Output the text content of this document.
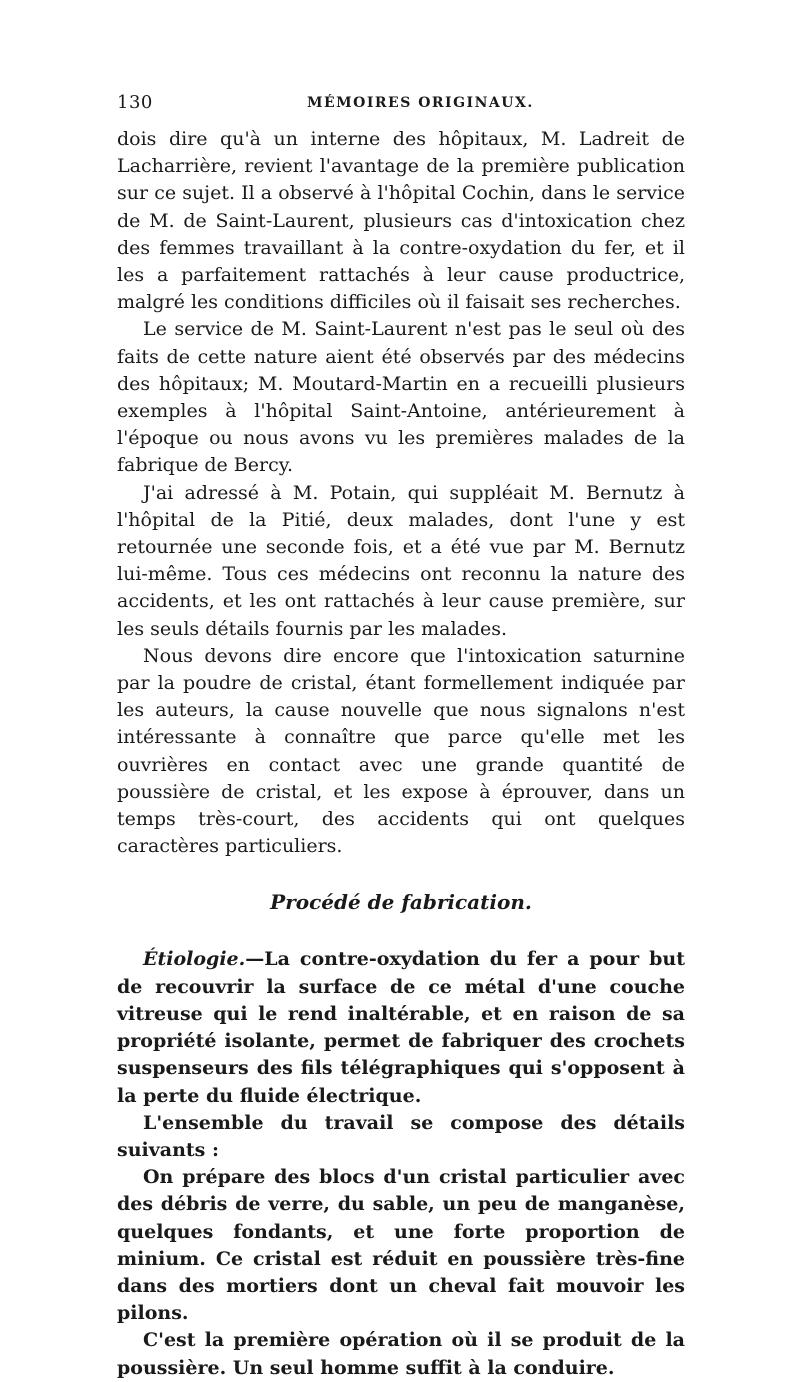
130	MÉMOIRES ORIGINAUX.

dois dire qu'à un interne des hôpitaux, M. Ladreit de Lacharrière, revient l'avantage de la première publication sur ce sujet. Il a observé à l'hôpital Cochin, dans le service de M. de Saint-Laurent, plusieurs cas d'intoxication chez des femmes travaillant à la contre-oxydation du fer, et il les a parfaitement rattachés à leur cause productrice, malgré les conditions difficiles où il faisait ses recherches.

Le service de M. Saint-Laurent n'est pas le seul où des faits de cette nature aient été observés par des médecins des hôpitaux; M. Moutard-Martin en a recueilli plusieurs exemples à l'hôpital Saint-Antoine, antérieurement à l'époque ou nous avons vu les premières malades de la fabrique de Bercy.

J'ai adressé à M. Potain, qui suppléait M. Bernutz à l'hôpital de la Pitié, deux malades, dont l'une y est retournée une seconde fois, et a été vue par M. Bernutz lui-même. Tous ces médecins ont reconnu la nature des accidents, et les ont rattachés à leur cause première, sur les seuls détails fournis par les malades.

Nous devons dire encore que l'intoxication saturnine par la poudre de cristal, étant formellement indiquée par les auteurs, la cause nouvelle que nous signalons n'est intéressante à connaître que parce qu'elle met les ouvrières en contact avec une grande quantité de poussière de cristal, et les expose à éprouver, dans un temps très-court, des accidents qui ont quelques caractères particuliers.

Procédé de fabrication.

Étiologie.—La contre-oxydation du fer a pour but de recouvrir la surface de ce métal d'une couche vitreuse qui le rend inaltérable, et en raison de sa propriété isolante, permet de fabriquer des crochets suspenseurs des fils télégraphiques qui s'opposent à la perte du fluide électrique.

L'ensemble du travail se compose des détails suivants :

On prépare des blocs d'un cristal particulier avec des débris de verre, du sable, un peu de manganèse, quelques fondants, et une forte proportion de minium. Ce cristal est réduit en poussière très-fine dans des mortiers dont un cheval fait mouvoir les pilons.

C'est la première opération où il se produit de la poussière. Un seul homme suffit à la conduire.
